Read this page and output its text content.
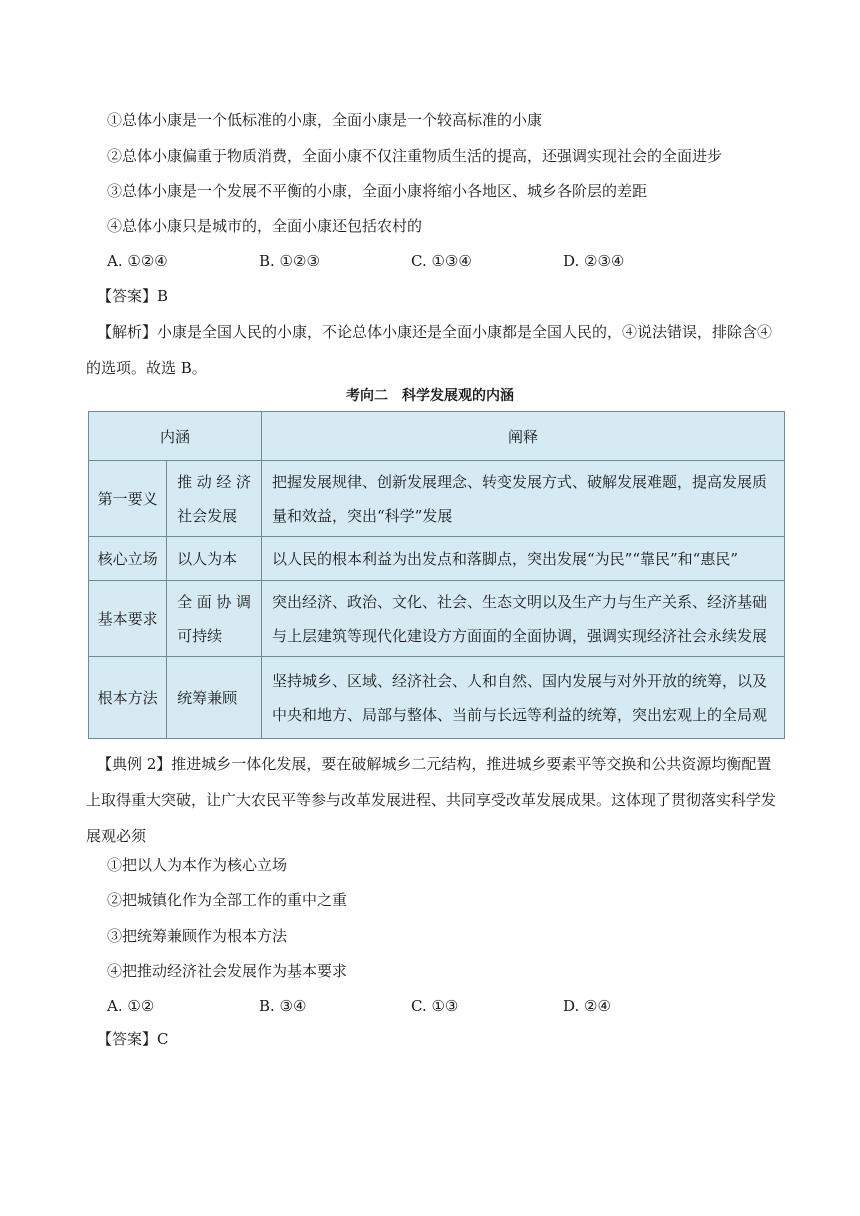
①总体小康是一个低标准的小康，全面小康是一个较高标准的小康
②总体小康偏重于物质消费，全面小康不仅注重物质生活的提高，还强调实现社会的全面进步
③总体小康是一个发展不平衡的小康，全面小康将缩小各地区、城乡各阶层的差距
④总体小康只是城市的，全面小康还包括农村的
A. ①②④	B. ①②③	C. ①③④	D. ②③④
【答案】B
【解析】小康是全国人民的小康，不论总体小康还是全面小康都是全国人民的，④说法错误，排除含④的选项。故选 B。
考向二　科学发展观的内涵
内涵		阐释
第一要义	推动经济社会发展	把握发展规律、创新发展理念、转变发展方式、破解发展难题，提高发展质量和效益，突出“科学”发展
核心立场	以人为本	以人民的根本利益为出发点和落脚点，突出发展“为民”“靠民”和“惠民”
基本要求	全面协调可持续	突出经济、政治、文化、社会、生态文明以及生产力与生产关系、经济基础与上层建筑等现代化建设方方面面的全面协调，强调实现经济社会永续发展
根本方法	统筹兼顾	坚持城乡、区域、经济社会、人和自然、国内发展与对外开放的统筹，以及中央和地方、局部与整体、当前与长远等利益的统筹，突出宏观上的全局观
【典例 2】推进城乡一体化发展，要在破解城乡二元结构，推进城乡要素平等交换和公共资源均衡配置上取得重大突破，让广大农民平等参与改革发展进程、共同享受改革发展成果。这体现了贯彻落实科学发展观必须
①把以人为本作为核心立场
②把城镇化作为全部工作的重中之重
③把统筹兼顾作为根本方法
④把推动经济社会发展作为基本要求
A. ①②	B. ③④	C. ①③	D. ②④
【答案】C
